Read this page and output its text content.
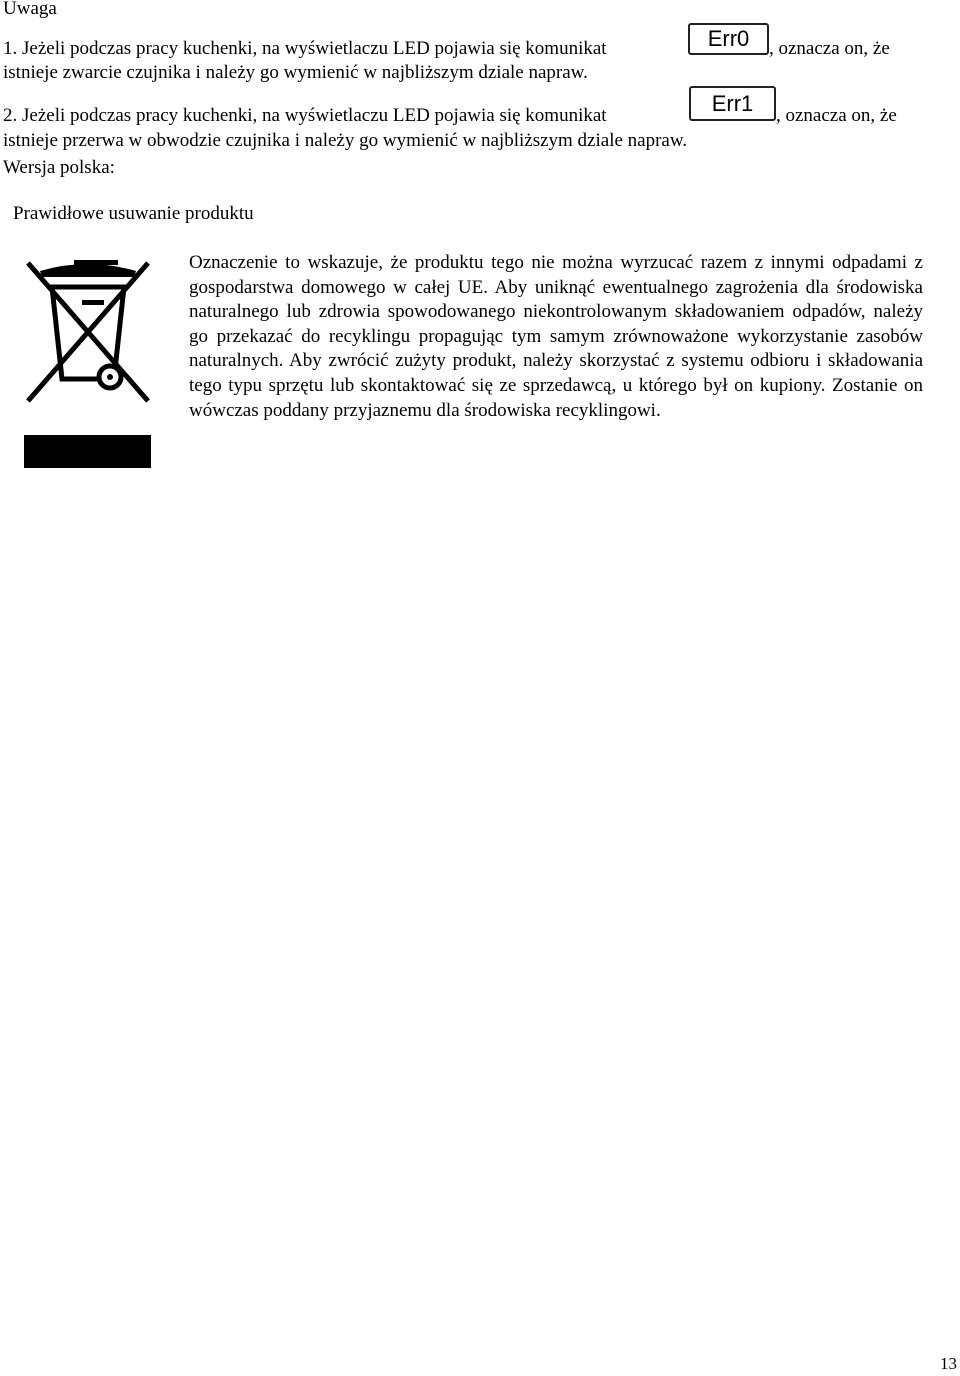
Uwaga
1. Jeżeli podczas pracy kuchenki, na wyświetlaczu LED pojawia się komunikat	Err0	, oznacza on, że
istnieje zwarcie czujnika i należy go wymienić w najbliższym dziale napraw.
2. Jeżeli podczas pracy kuchenki, na wyświetlaczu LED pojawia się komunikat	Err1	, oznacza on, że
istnieje przerwa w obwodzie czujnika i należy go wymienić w najbliższym dziale napraw.
Wersja polska:
Prawidłowe usuwanie produktu
Oznaczenie to wskazuje, że produktu tego nie można wyrzucać razem z innymi odpadami z gospodarstwa domowego w całej UE. Aby uniknąć ewentualnego zagrożenia dla środowiska naturalnego lub zdrowia spowodowanego niekontrolowanym składowaniem odpadów, należy go przekazać do recyklingu propagując tym samym zrównoważone wykorzystanie zasobów naturalnych. Aby zwrócić zużyty produkt, należy skorzystać z systemu odbioru i składowania tego typu sprzętu lub skontaktować się ze sprzedawcą, u którego był on kupiony. Zostanie on wówczas poddany przyjaznemu dla środowiska recyklingowi.
13
